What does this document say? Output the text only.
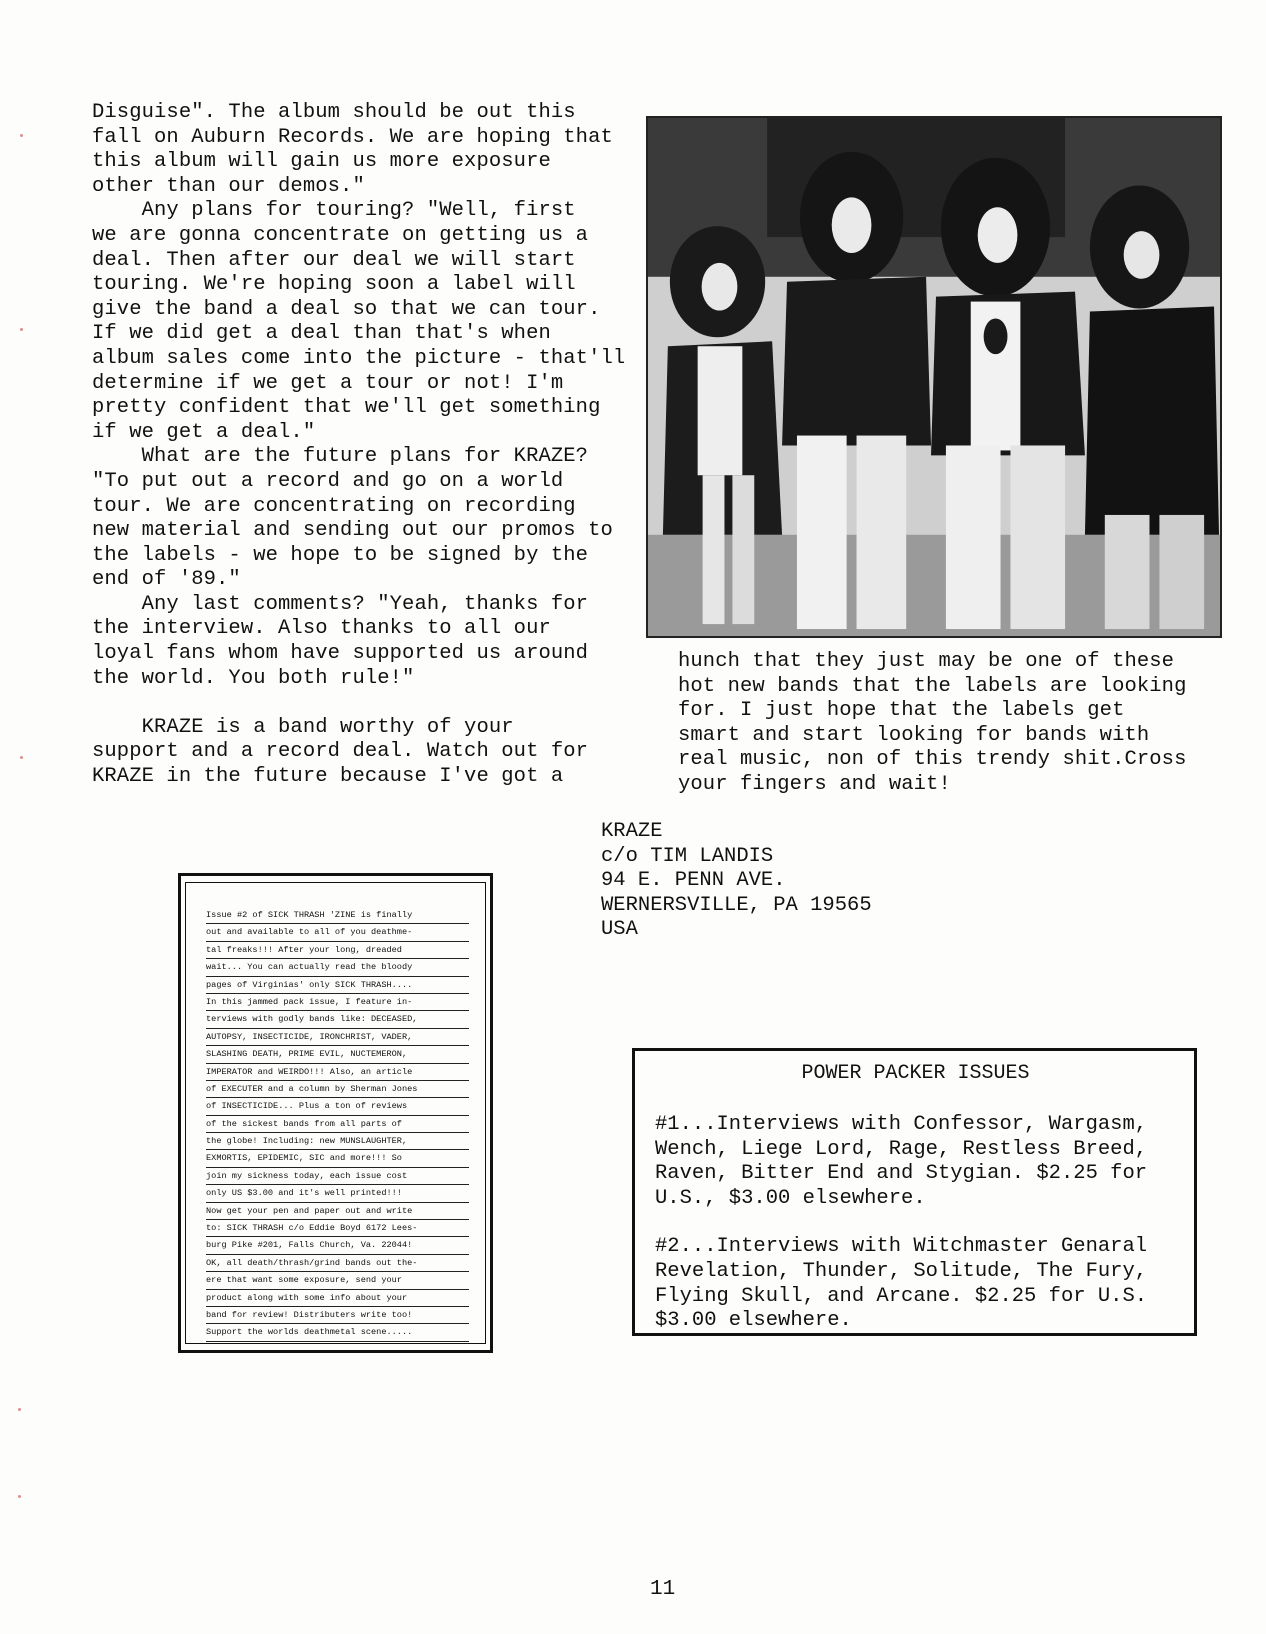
Disguise". The album should be out this
fall on Auburn Records. We are hoping that
this album will gain us more exposure
other than our demos."
Any plans for touring? "Well, first
we are gonna concentrate on getting us a
deal. Then after our deal we will start
touring. We're hoping soon a label will
give the band a deal so that we can tour.
If we did get a deal than that's when
album sales come into the picture - that'll
determine if we get a tour or not! I'm
pretty confident that we'll get something
if we get a deal."
What are the future plans for KRAZE?
"To put out a record and go on a world
tour. We are concentrating on recording
new material and sending out our promos to
the labels - we hope to be signed by the
end of '89."
Any last comments? "Yeah, thanks for
the interview. Also thanks to all our
loyal fans whom have supported us around
the world. You both rule!"

KRAZE is a band worthy of your
support and a record deal. Watch out for
KRAZE in the future because I've got a
hunch that they just may be one of these
hot new bands that the labels are looking
for. I just hope that the labels get
smart and start looking for bands with
real music, non of this trendy shit.Cross
your fingers and wait!
KRAZE
c/o TIM LANDIS
94 E. PENN AVE.
WERNERSVILLE, PA 19565
USA
Issue #2 of SICK THRASH 'ZINE is finally
out and available to all of you deathme-
tal freaks!!! After your long, dreaded
wait... You can actually read the bloody
pages of Virginias' only SICK THRASH....
In this jammed pack issue, I feature in-
terviews with godly bands like: DECEASED,
AUTOPSY, INSECTICIDE, IRONCHRIST, VADER,
SLASHING DEATH, PRIME EVIL, NUCTEMERON,
IMPERATOR and WEIRDO!!! Also, an article
of EXECUTER and a column by Sherman Jones
of INSECTICIDE... Plus a ton of reviews
of the sickest bands from all parts of
the globe! Including: new MUNSLAUGHTER,
EXMORTIS, EPIDEMIC, SIC and more!!! So
join my sickness today, each issue cost
only US $3.00 and it's well printed!!!
Now get your pen and paper out and write
to: SICK THRASH c/o Eddie Boyd 6172 Lees-
burg Pike #201, Falls Church, Va. 22044!
OK, all death/thrash/grind bands out the-
ere that want some exposure, send your
product along with some info about your
band for review! Distributers write too!
Support the worlds deathmetal scene.....
POWER PACKER ISSUES
#1...Interviews with Confessor, Wargasm,
Wench, Liege Lord, Rage, Restless Breed,
Raven, Bitter End and Stygian. $2.25 for
U.S., $3.00 elsewhere.
#2...Interviews with Witchmaster Genaral
Revelation, Thunder, Solitude, The Fury,
Flying Skull, and Arcane. $2.25 for U.S.
$3.00 elsewhere.
11
